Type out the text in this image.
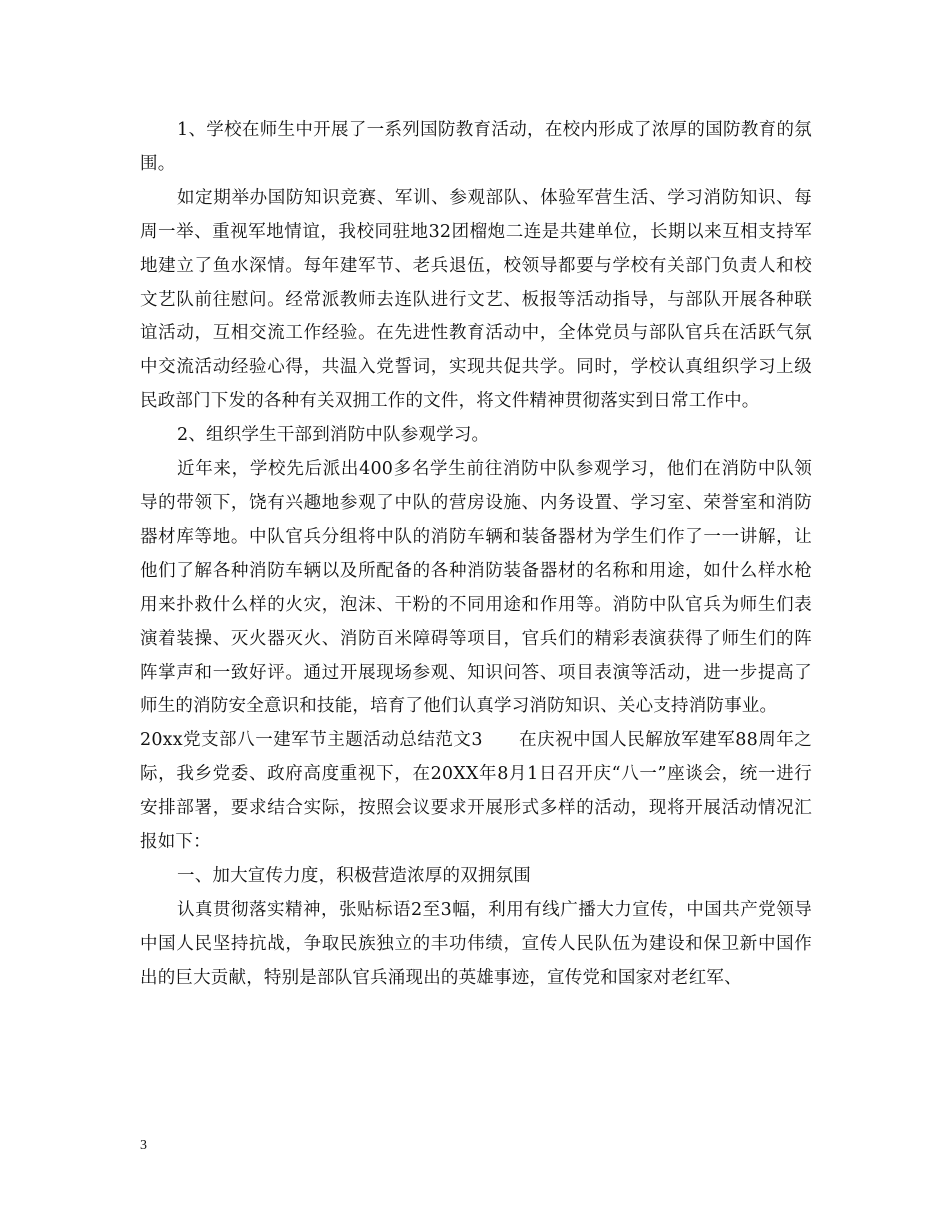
1、学校在师生中开展了一系列国防教育活动，在校内形成了浓厚的国防教育的氛围。

如定期举办国防知识竞赛、军训、参观部队、体验军营生活、学习消防知识、每周一举、重视军地情谊，我校同驻地32团榴炮二连是共建单位，长期以来互相支持军地建立了鱼水深情。每年建军节、老兵退伍，校领导都要与学校有关部门负责人和校文艺队前往慰问。经常派教师去连队进行文艺、板报等活动指导，与部队开展各种联谊活动，互相交流工作经验。在先进性教育活动中，全体党员与部队官兵在活跃气氛中交流活动经验心得，共温入党誓词，实现共促共学。同时，学校认真组织学习上级民政部门下发的各种有关双拥工作的文件，将文件精神贯彻落实到日常工作中。

2、组织学生干部到消防中队参观学习。

近年来，学校先后派出400多名学生前往消防中队参观学习，他们在消防中队领导的带领下，饶有兴趣地参观了中队的营房设施、内务设置、学习室、荣誉室和消防器材库等地。中队官兵分组将中队的消防车辆和装备器材为学生们作了一一讲解，让他们了解各种消防车辆以及所配备的各种消防装备器材的名称和用途，如什么样水枪用来扑救什么样的火灾，泡沫、干粉的不同用途和作用等。消防中队官兵为师生们表演着装操、灭火器灭火、消防百米障碍等项目，官兵们的精彩表演获得了师生们的阵阵掌声和一致好评。通过开展现场参观、知识问答、项目表演等活动，进一步提高了师生的消防安全意识和技能，培育了他们认真学习消防知识、关心支持消防事业。

20xx党支部八一建军节主题活动总结范文3 在庆祝中国人民解放军建军88周年之际，我乡党委、政府高度重视下，在20XX年8月1日召开庆“八一”座谈会，统一进行安排部署，要求结合实际，按照会议要求开展形式多样的活动，现将开展活动情况汇报如下：

一、加大宣传力度，积极营造浓厚的双拥氛围

认真贯彻落实精神，张贴标语2至3幅，利用有线广播大力宣传，中国共产党领导中国人民坚持抗战，争取民族独立的丰功伟绩，宣传人民队伍为建设和保卫新中国作出的巨大贡献，特别是部队官兵涌现出的英雄事迹，宣传党和国家对老红军、

3
